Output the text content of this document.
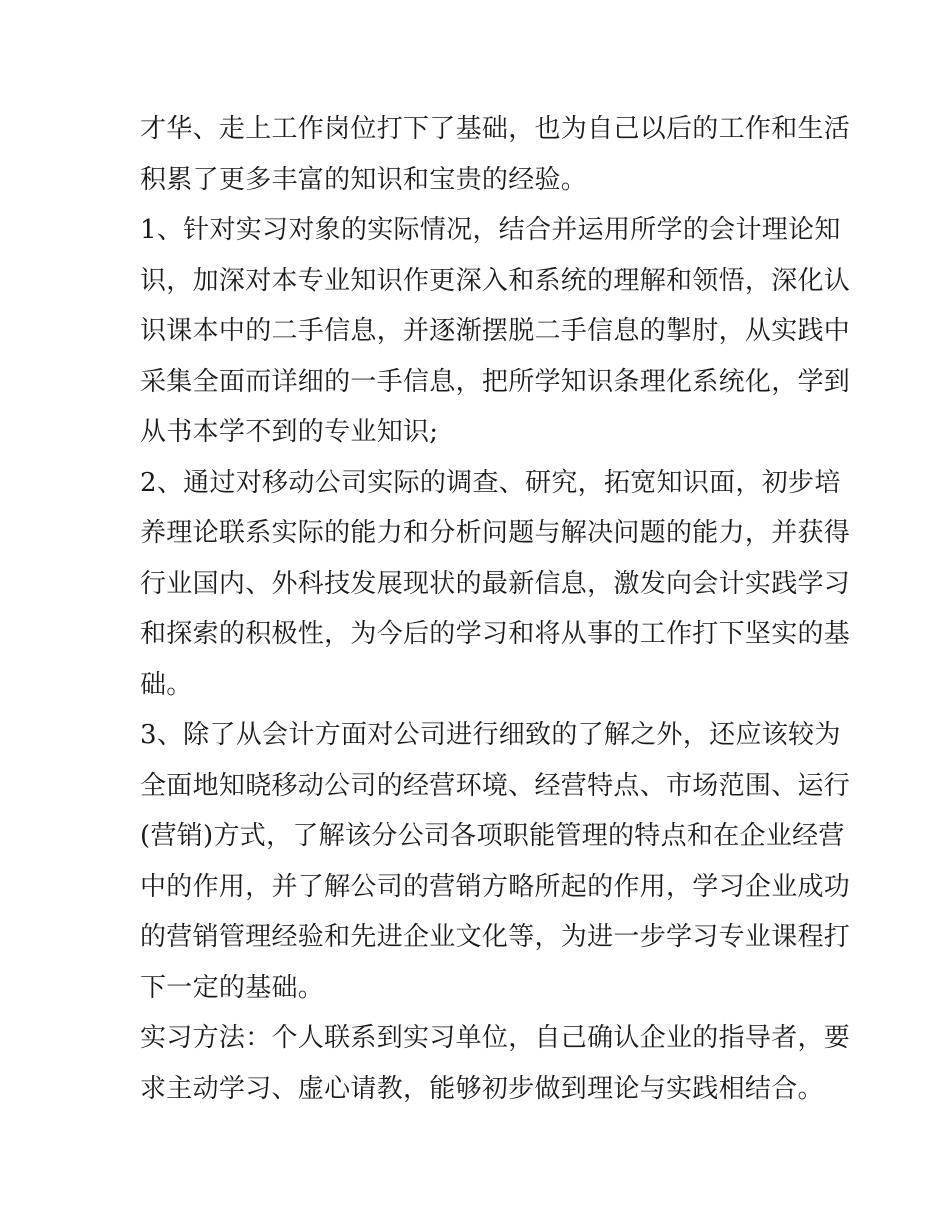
才华、走上工作岗位打下了基础，也为自己以后的工作和生活
积累了更多丰富的知识和宝贵的经验。
1、针对实习对象的实际情况，结合并运用所学的会计理论知
识，加深对本专业知识作更深入和系统的理解和领悟，深化认
识课本中的二手信息，并逐渐摆脱二手信息的掣肘，从实践中
采集全面而详细的一手信息，把所学知识条理化系统化，学到
从书本学不到的专业知识;
2、通过对移动公司实际的调查、研究，拓宽知识面，初步培
养理论联系实际的能力和分析问题与解决问题的能力，并获得
行业国内、外科技发展现状的最新信息，激发向会计实践学习
和探索的积极性，为今后的学习和将从事的工作打下坚实的基
础。
3、除了从会计方面对公司进行细致的了解之外，还应该较为
全面地知晓移动公司的经营环境、经营特点、市场范围、运行
(营销)方式，了解该分公司各项职能管理的特点和在企业经营
中的作用，并了解公司的营销方略所起的作用，学习企业成功
的营销管理经验和先进企业文化等，为进一步学习专业课程打
下一定的基础。
实习方法：个人联系到实习单位，自己确认企业的指导者，要
求主动学习、虚心请教，能够初步做到理论与实践相结合。
